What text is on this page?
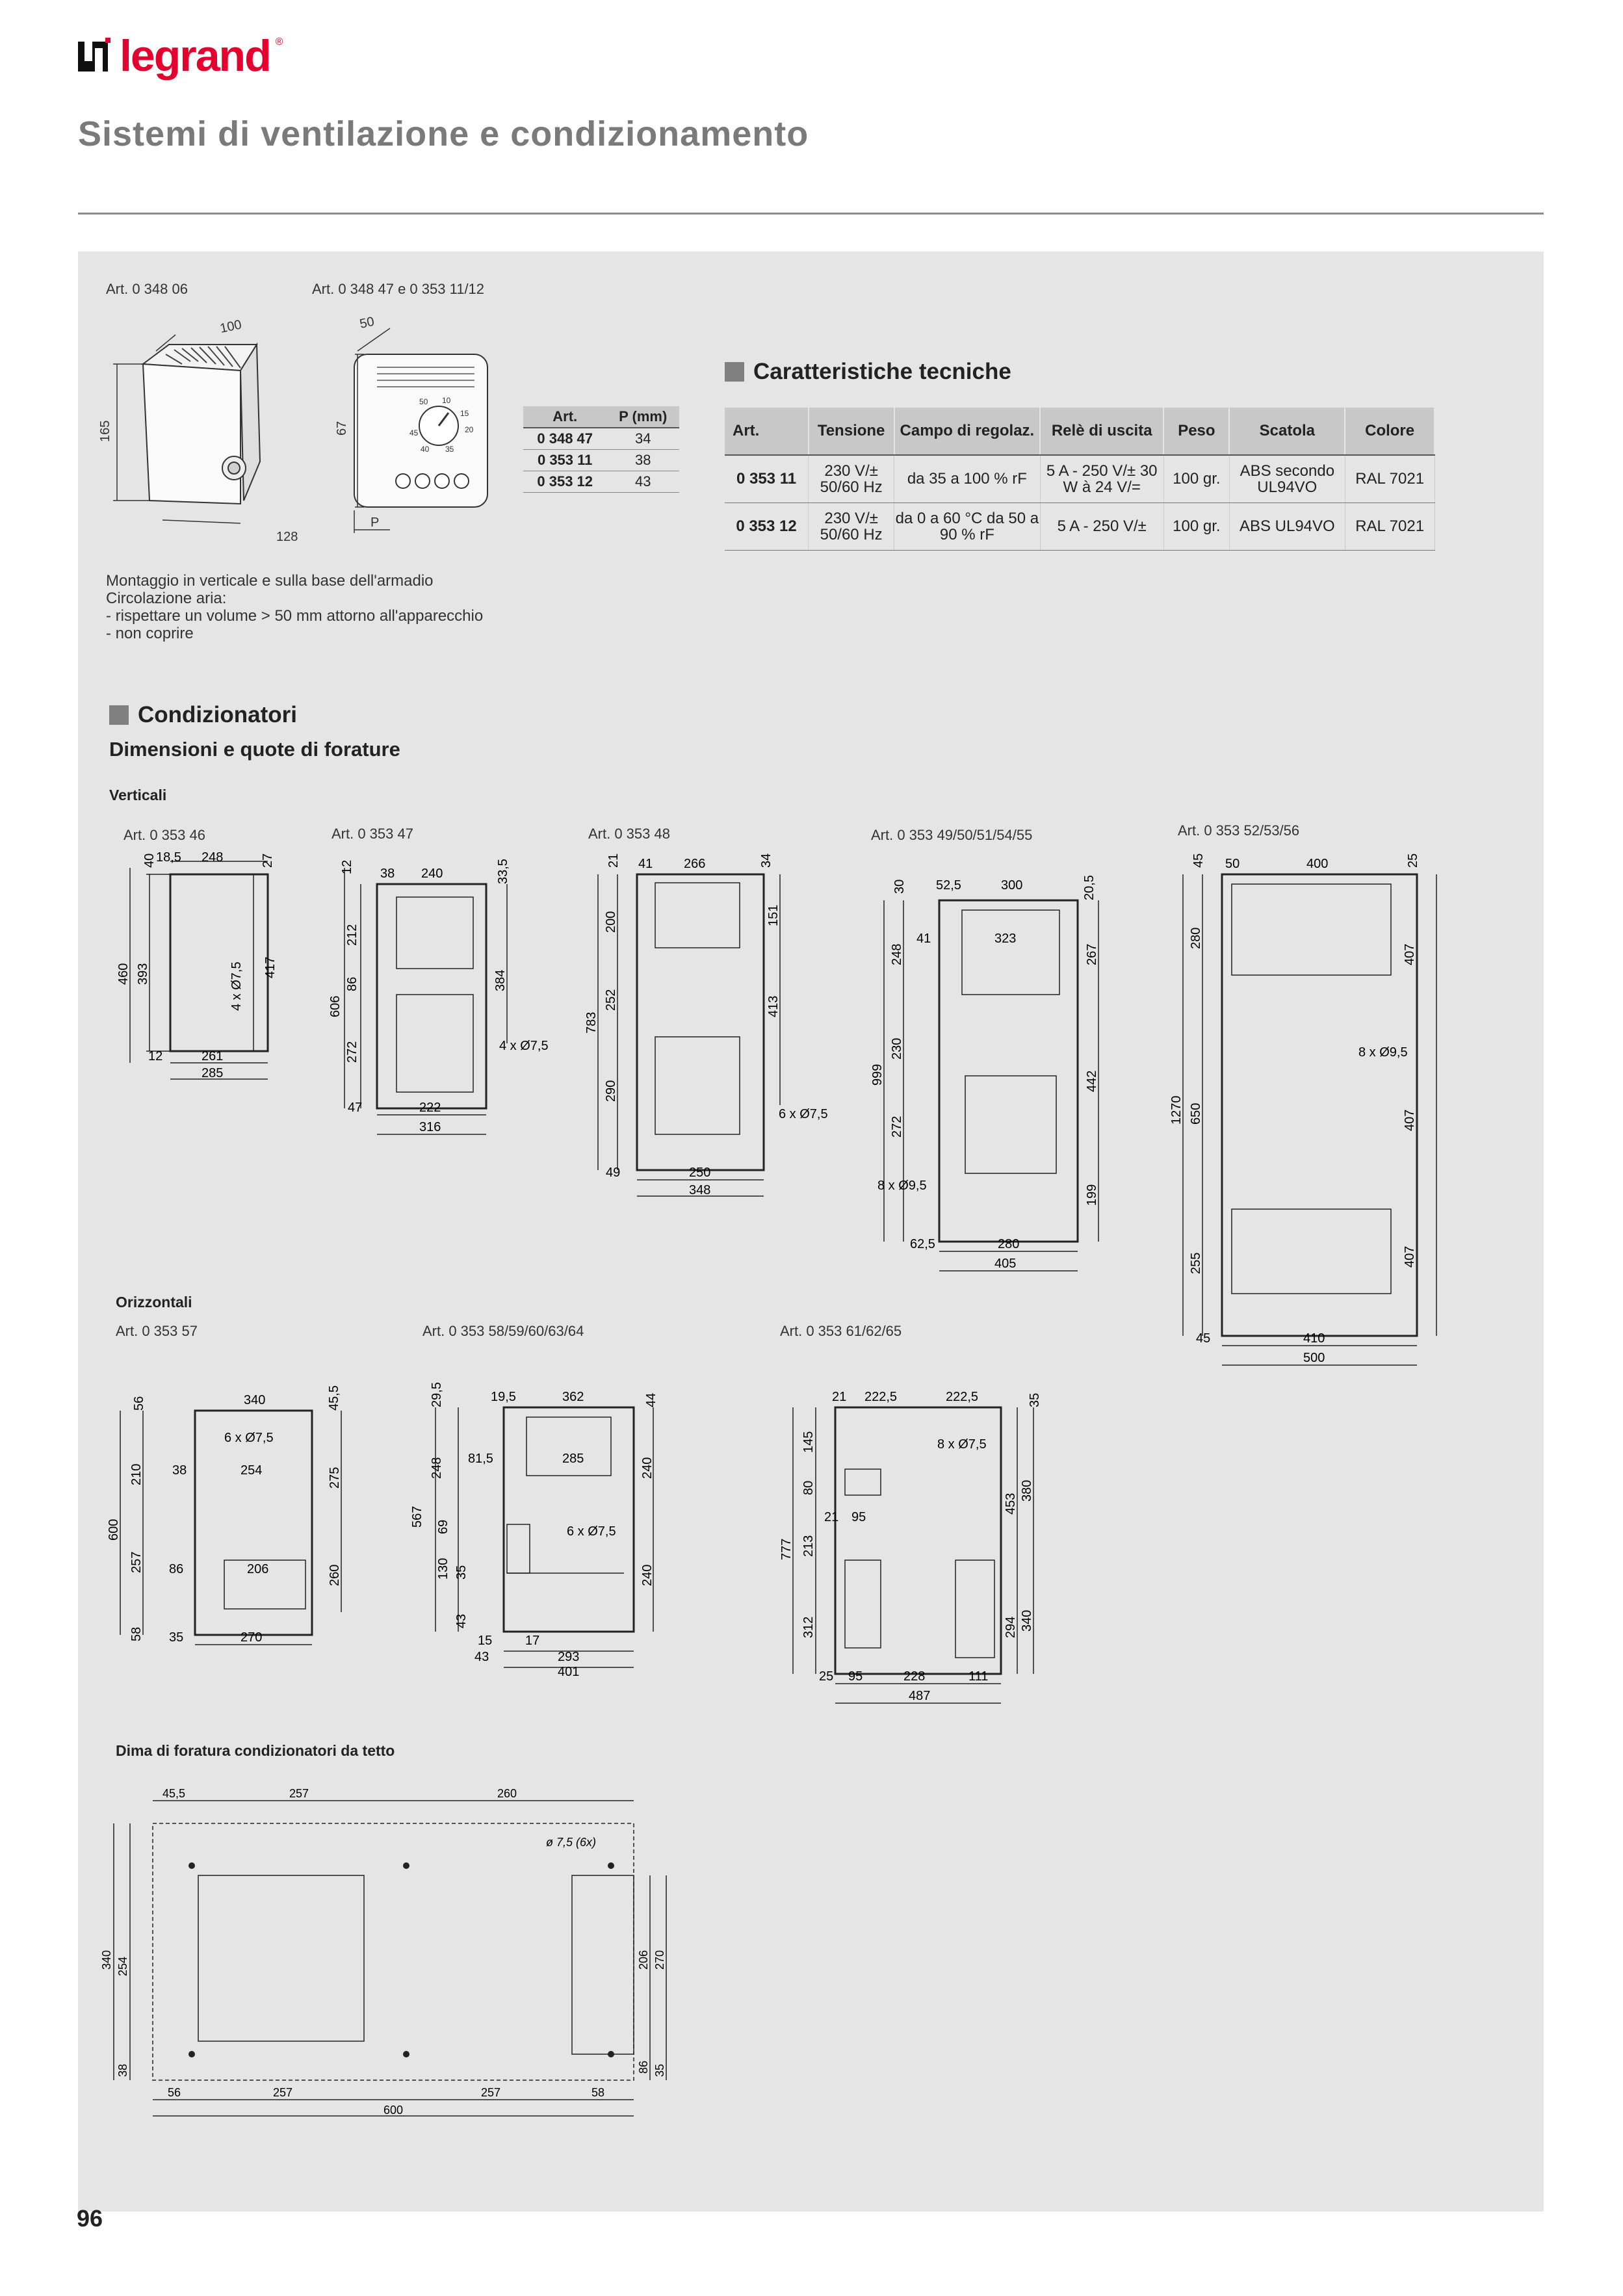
legrand ®
Sistemi di ventilazione e condizionamento
Art. 0 348 06	Art. 0 348 47 e 0 353 11/12
100
165
128
50 10
15
20
45
40 35
50
67
P
Art.	P (mm)
0 348 47	34
0 353 11	38
0 353 12	43
Caratteristiche tecniche
Art.	Tensione	Campo di regolaz.	Relè di uscita	Peso	Scatola	Colore
0 353 11	230 V/± 50/60 Hz	da 35 a 100 % rF	5 A - 250 V/± 30 W à 24 V/=	100 gr.	ABS secondo UL94VO	RAL 7021
0 353 12	230 V/± 50/60 Hz	da 0 a 60 °C da 50 a 90 % rF	5 A - 250 V/±	100 gr.	ABS UL94VO	RAL 7021
Montaggio in verticale e sulla base dell'armadio
Circolazione aria:
- rispettare un volume > 50 mm attorno all'apparecchio
- non coprire
Condizionatori
Dimensioni e quote di forature
Verticali
Art. 0 353 46	Art. 0 353 47	Art. 0 353 48	Art. 0 353 49/50/51/54/55	Art. 0 353 52/53/56
460 393
40 18,5 248	27
4 x Ø7,5 417
12	261
285
12 38 240	33,5
212
606
86	384
272	4 x Ø7,5
47	222
316
21 41 266	34
200	151
783
252	413
290
6 x Ø7,5
49	250
348
30 52,5	300	20,5
248
41	323
267
999
230
442
272
8 x Ø9,5	199
62,5	280
405
45 50	400	25
280
407
8 x Ø9,5
1270 650	407
255	407
45	410
500
Orizzontali
Art. 0 353 57	Art. 0 353 58/59/60/63/64	Art. 0 353 61/62/65
56	340	45,5
6 x Ø7,5
210 38	254	275
600
257 86	206	260
58 35	270
29,5	19,5	362	44
248 81,5	285	240
567 69	6 x Ø7,5
130 35	240
43
15	17
43	293
401
21 222,5	222,5	35
145	8 x Ø7,5
80
453
380
777
21 95
213
312	294 340
25 95	228	111
487
Dima di foratura condizionatori da tetto
45,5	257	260
ø 7,5 (6x)
340 254	206 270
38	86 35
56	257	257	58
600
96
